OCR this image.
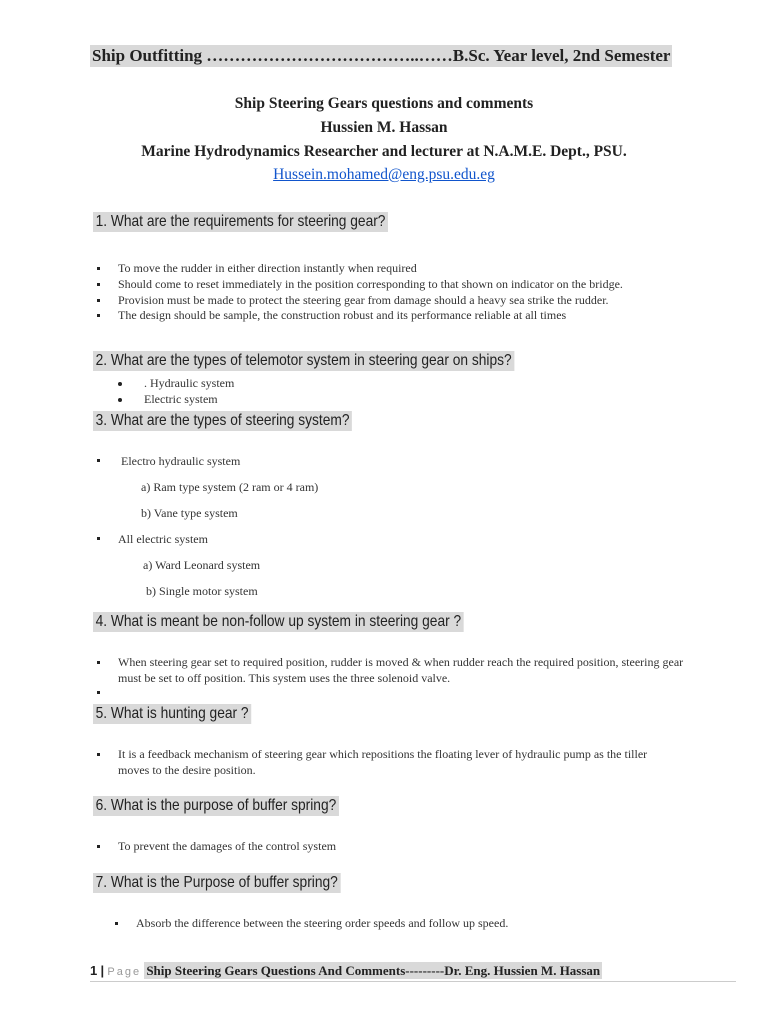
Ship Outfitting ………………………………..……B.Sc. Year level, 2nd Semester
Ship Steering Gears questions and comments
Hussien M. Hassan
Marine Hydrodynamics Researcher and lecturer at N.A.M.E. Dept., PSU.
Hussein.mohamed@eng.psu.edu.eg
1. What are the requirements for steering gear?
To move the rudder in either direction instantly when required
Should come to reset immediately in the position corresponding to that shown on indicator on the bridge.
Provision must be made to protect the steering gear from damage should a heavy sea strike the rudder.
The design should be sample, the construction robust and its performance reliable at all times
2. What are the types of telemotor system in steering gear on ships?
. Hydraulic system
Electric system
3. What are the types of steering system?
Electro hydraulic system
a) Ram type system (2 ram or 4 ram)
b) Vane type system
All electric system
a) Ward Leonard system
b) Single motor system
4. What is meant be non-follow up system in steering gear ?
When steering gear set to required position, rudder is moved & when rudder reach the required position, steering gear
must be set to off position. This system uses the three solenoid valve.
5. What is hunting gear ?
It is a feedback mechanism of steering gear which repositions the floating lever of hydraulic pump as the tiller
moves to the desire position.
6. What is the purpose of buffer spring?
To prevent the damages of the control system
7. What is the Purpose of buffer spring?
Absorb the difference between the steering order speeds and follow up speed.
1 | Page Ship Steering Gears Questions And Comments---------Dr. Eng. Hussien M. Hassan
